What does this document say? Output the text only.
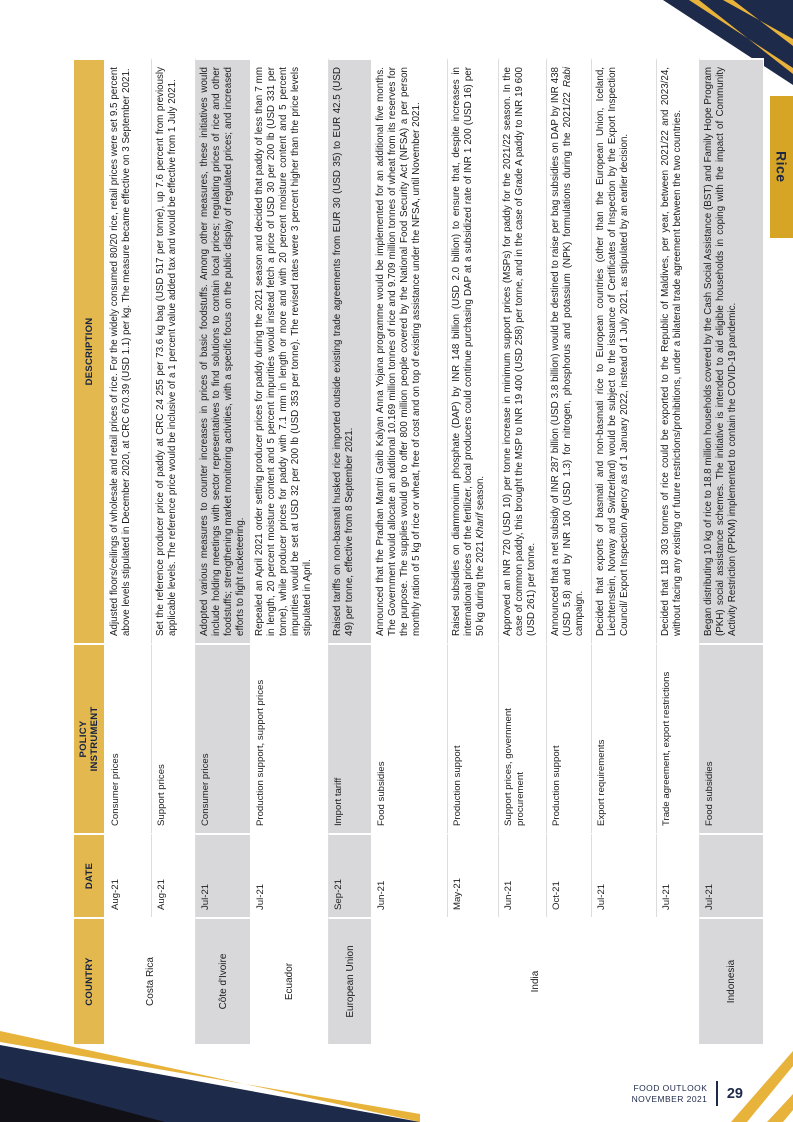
Rice
COUNTRY	DATE	POLICY INSTRUMENT	DESCRIPTION
Costa Rica	Aug-21	Consumer prices	Adjusted floors/ceilings of wholesale and retail prices of rice. For the widely consumed 80/20 rice, retail prices were set 9.5 percent above levels stipulated in December 2020, at CRC 670.39 (USD 1.1) per kg. The measure became effective on 3 September 2021.
	Aug-21	Support prices	Set the reference producer price of paddy at CRC 24 255 per 73.6 kg bag (USD 517 per tonne), up 7.6 percent from previously applicable levels. The reference price would be inclusive of a 1 percent value added tax and would be effective from 1 July 2021.
Côte d'Ivoire	Jul-21	Consumer prices	Adopted various measures to counter increases in prices of basic foodstuffs. Among other measures, these initiatives would include holding meetings with sector representatives to find solutions to contain local prices; regulating prices of rice and other foodstuffs; strengthening market monitoring activities, with a specific focus on the public display of regulated prices; and increased efforts to fight racketeering.
Ecuador	Jul-21	Production support, support prices	Repealed an April 2021 order setting producer prices for paddy during the 2021 season and decided that paddy of less than 7 mm in length, 20 percent moisture content and 5 percent impurities would instead fetch a price of USD 30 per 200 lb (USD 331 per tonne), while producer prices for paddy with 7.1 mm in length or more and with 20 percent moisture content and 5 percent impurities would be set at USD 32 per 200 lb (USD 353 per tonne). The revised rates were 3 percent higher than the price levels stipulated in April.
European Union	Sep-21	Import tariff	Raised tariffs on non-basmati husked rice imported outside existing trade agreements from EUR 30 (USD 35) to EUR 42.5 (USD 49) per tonne, effective from 8 September 2021.
India	Jun-21	Food subsidies	Announced that the Pradhan Mantri Garib Kalyan Anna Yojana programme would be implemented for an additional five months. The Government would allocate an additional 10.169 million tonnes of rice and 9.709 million tonnes of wheat from its reserves for the purpose. The supplies would go to offer 800 million people covered by the National Food Security Act (NFSA) a per person monthly ration of 5 kg of rice or wheat, free of cost and on top of existing assistance under the NFSA, until November 2021.
	May-21	Production support	Raised subsidies on diammonium phosphate (DAP) by INR 148 billion (USD 2.0 billion) to ensure that, despite increases in international prices of the fertilizer, local producers could continue purchasing DAP at a subsidized rate of INR 1 200 (USD 16) per 50 kg during the 2021 Kharif season.
	Jun-21	Support prices, government procurement	Approved an INR 720 (USD 10) per tonne increase in minimum support prices (MSPs) for paddy for the 2021/22 season. In the case of common paddy, this brought the MSP to INR 19 400 (USD 258) per tonne, and in the case of Grade A paddy to INR 19 600 (USD 261) per tonne.
	Oct-21	Production support	Announced that a net subsidy of INR 287 billion (USD 3.8 billion) would be destined to raise per bag subsidies on DAP by INR 438 (USD 5.8) and by INR 100 (USD 1.3) for nitrogen, phosphorus and potassium (NPK) formulations during the 2021/22 Rabi campaign.
	Jul-21	Export requirements	Decided that exports of basmati and non-basmati rice to European countries (other than the European Union, Iceland, Liechtenstein, Norway and Switzerland) would be subject to the issuance of Certificates of Inspection by the Export Inspection Council/ Export Inspection Agency as of 1 January 2022, instead of 1 July 2021, as stipulated by an earlier decision.
	Jul-21	Trade agreement, export restrictions	Decided that 118 303 tonnes of rice could be exported to the Republic of Maldives, per year, between 2021/22 and 2023/24, without facing any existing or future restrictions/prohibitions, under a bilateral trade agreement between the two countries.
Indonesia	Jul-21	Food subsidies	Began distributing 10 kg of rice to 18.8 million households covered by the Cash Social Assistance (BST) and Family Hope Program (PKH) social assistance schemes. The initiative is intended to aid eligible households in coping with the impact of Community Activity Restriction (PPKM) implemented to contain the COVID-19 pandemic.
FOOD OUTLOOK
NOVEMBER 2021 29
